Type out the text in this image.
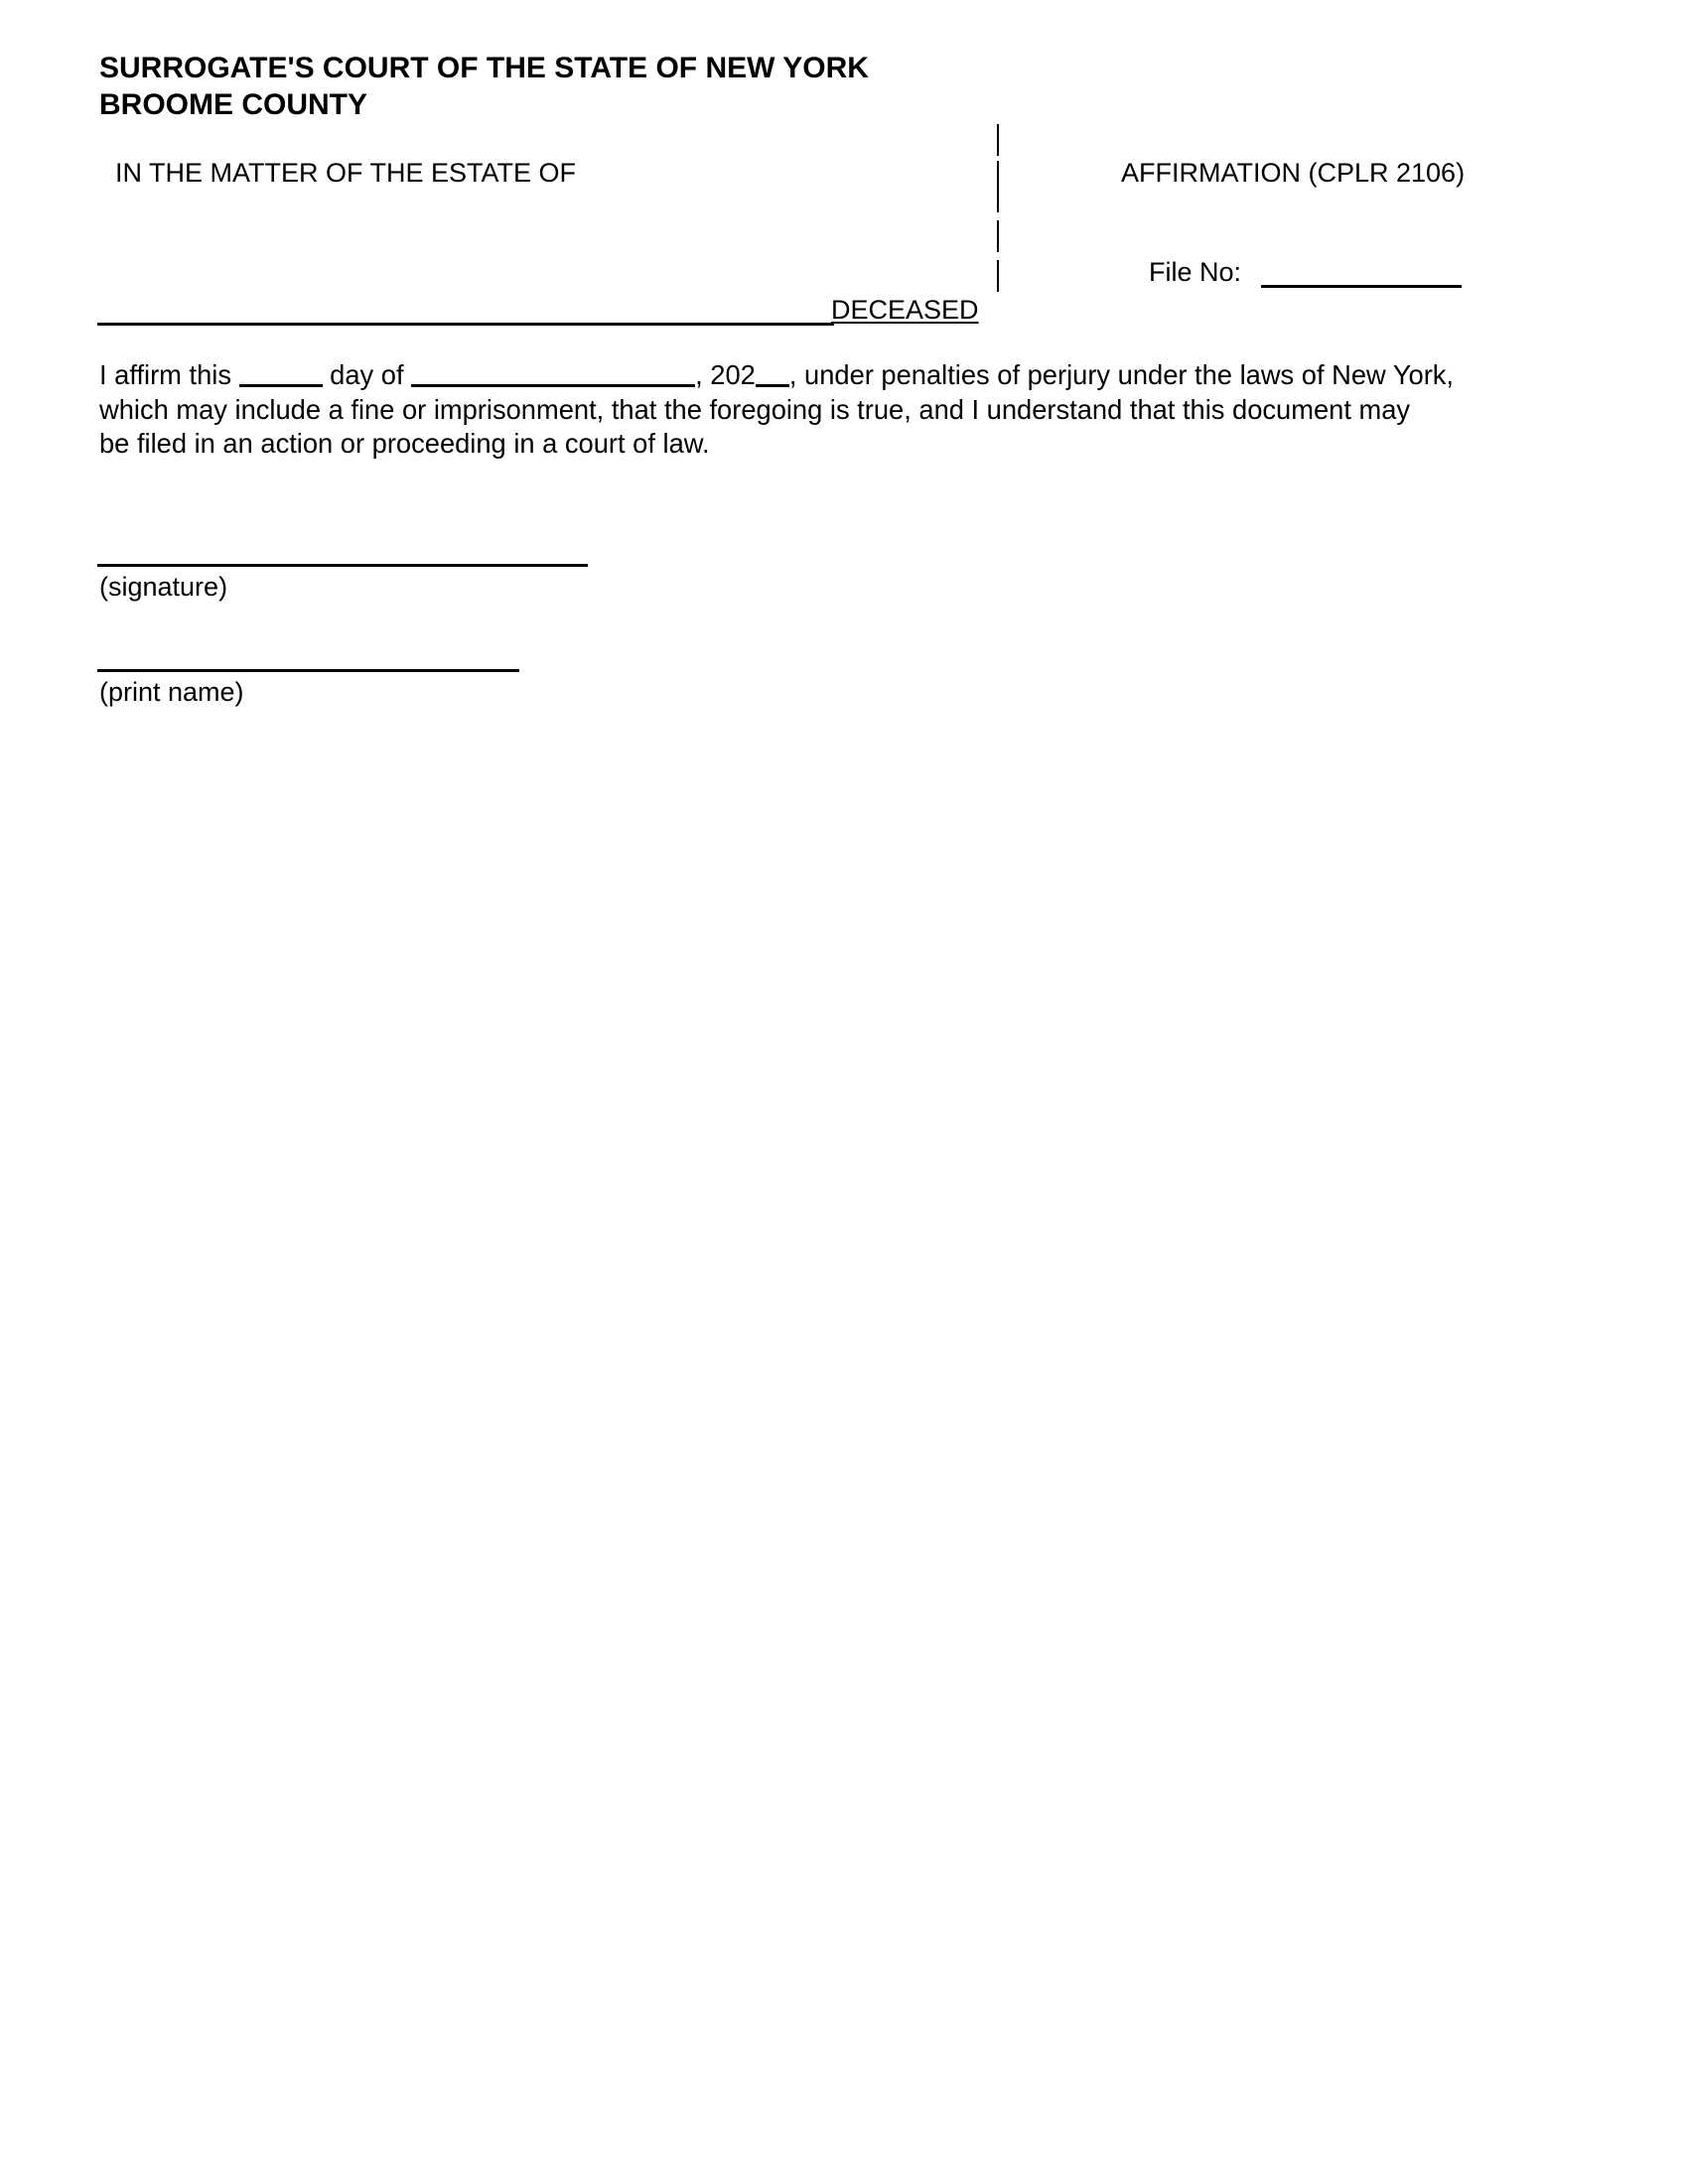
SURROGATE'S COURT OF THE STATE OF NEW YORK
BROOME COUNTY
IN THE MATTER OF THE ESTATE OF
DECEASED
AFFIRMATION (CPLR 2106)
File No:
I affirm this	day of	, 202 , under penalties of perjury under the laws of New York,
which may include a fine or imprisonment, that the foregoing is true, and I understand that this document may
be filed in an action or proceeding in a court of law.
(signature)
(print name)
